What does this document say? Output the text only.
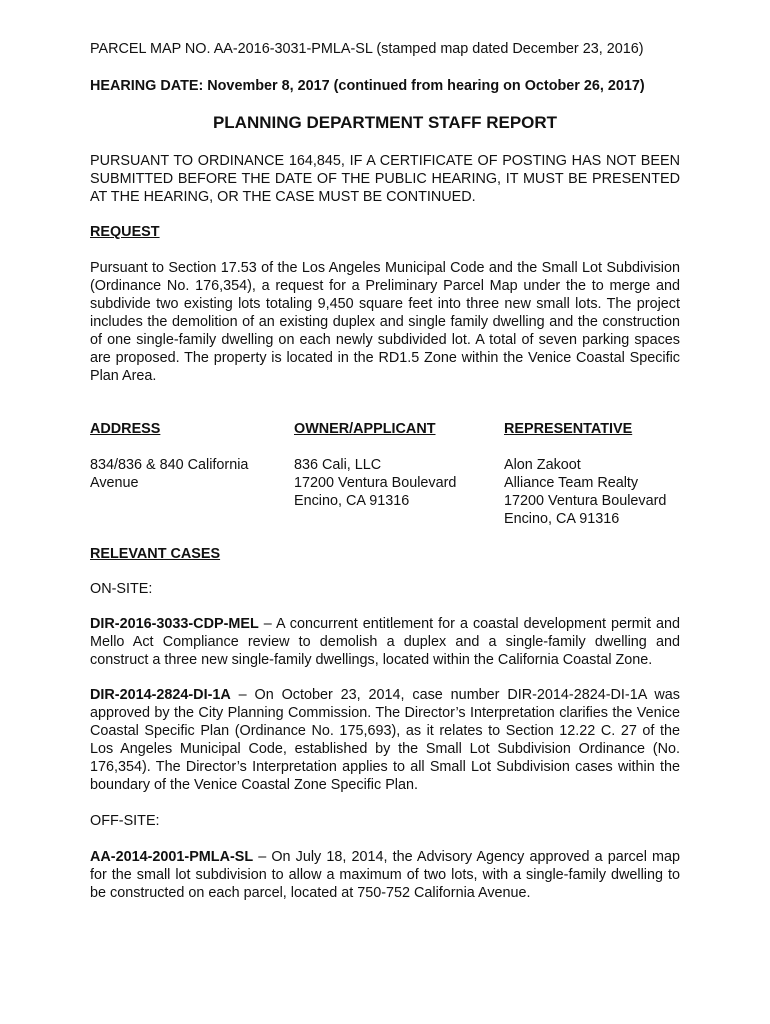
PARCEL MAP NO. AA-2016-3031-PMLA-SL (stamped map dated December 23, 2016)

HEARING DATE: November 8, 2017 (continued from hearing on October 26, 2017)

PLANNING DEPARTMENT STAFF REPORT

PURSUANT TO ORDINANCE 164,845, IF A CERTIFICATE OF POSTING HAS NOT BEEN SUBMITTED BEFORE THE DATE OF THE PUBLIC HEARING, IT MUST BE PRESENTED AT THE HEARING, OR THE CASE MUST BE CONTINUED.

REQUEST

Pursuant to Section 17.53 of the Los Angeles Municipal Code and the Small Lot Subdivision (Ordinance No. 176,354), a request for a Preliminary Parcel Map under the to merge and subdivide two existing lots totaling 9,450 square feet into three new small lots. The project includes the demolition of an existing duplex and single family dwelling and the construction of one single-family dwelling on each newly subdivided lot. A total of seven parking spaces are proposed. The property is located in the RD1.5 Zone within the Venice Coastal Specific Plan Area.

ADDRESS
834/836 & 840 California
Avenue
OWNER/APPLICANT
836 Cali, LLC
17200 Ventura Boulevard
Encino, CA 91316
REPRESENTATIVE
Alon Zakoot
Alliance Team Realty
17200 Ventura Boulevard
Encino, CA 91316

RELEVANT CASES

ON-SITE:

DIR-2016-3033-CDP-MEL – A concurrent entitlement for a coastal development permit and Mello Act Compliance review to demolish a duplex and a single-family dwelling and construct a three new single-family dwellings, located within the California Coastal Zone.

DIR-2014-2824-DI-1A – On October 23, 2014, case number DIR-2014-2824-DI-1A was approved by the City Planning Commission. The Director’s Interpretation clarifies the Venice Coastal Specific Plan (Ordinance No. 175,693), as it relates to Section 12.22 C. 27 of the Los Angeles Municipal Code, established by the Small Lot Subdivision Ordinance (No. 176,354). The Director’s Interpretation applies to all Small Lot Subdivision cases within the boundary of the Venice Coastal Zone Specific Plan.

OFF-SITE:

AA-2014-2001-PMLA-SL – On July 18, 2014, the Advisory Agency approved a parcel map for the small lot subdivision to allow a maximum of two lots, with a single-family dwelling to be constructed on each parcel, located at 750-752 California Avenue.
